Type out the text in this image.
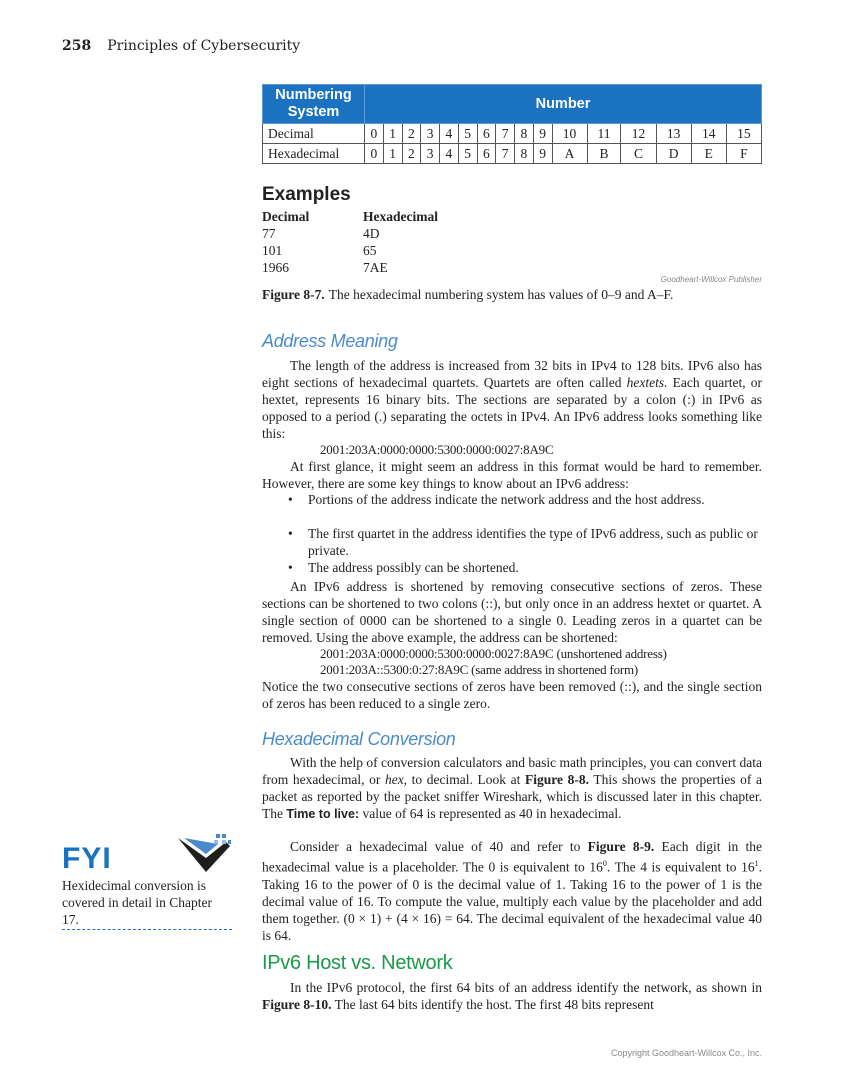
258 Principles of Cybersecurity
Numbering
System	Number															
Decimal	0	1	2	3	4	5	6	7	8	9	10	11	12	13	14	15
Hexadecimal	0	1	2	3	4	5	6	7	8	9	A	B	C	D	E	F
Examples
Decimal	Hexadecimal
77	4D
101	65
1966	7AE
Goodheart-Willcox Publisher
Figure 8-7. The hexadecimal numbering system has values of 0–9 and A–F.
Address Meaning
The length of the address is increased from 32 bits in IPv4 to 128 bits. IPv6 also has eight sections of hexadecimal quartets. Quartets are often called hextets. Each quartet, or hextet, represents 16 binary bits. The sections are separated by a colon (:) in IPv6 as opposed to a period (.) separating the octets in IPv4. An IPv6 address looks something like this:
2001:203A:0000:0000:5300:0000:0027:8A9C
At first glance, it might seem an address in this format would be hard to remember. However, there are some key things to know about an IPv6 address:
• Portions of the address indicate the network address and the host address.
• The first quartet in the address identifies the type of IPv6 address, such as public or private.
• The address possibly can be shortened.
An IPv6 address is shortened by removing consecutive sections of zeros. These sections can be shortened to two colons (::), but only once in an address hextet or quartet. A single section of 0000 can be shortened to a single 0. Leading zeros in a quartet can be removed. Using the above example, the address can be shortened:
2001:203A:0000:0000:5300:0000:0027:8A9C (unshortened address)
2001:203A::5300:0:27:8A9C (same address in shortened form)
Notice the two consecutive sections of zeros have been removed (::), and the single section of zeros has been reduced to a single zero.
Hexadecimal Conversion
With the help of conversion calculators and basic math principles, you can convert data from hexadecimal, or hex, to decimal. Look at Figure 8-8. This shows the properties of a packet as reported by the packet sniffer Wireshark, which is discussed later in this chapter. The Time to live: value of 64 is represented as 40 in hexadecimal.
Consider a hexadecimal value of 40 and refer to Figure 8-9. Each digit in the hexadecimal value is a placeholder. The 0 is equivalent to $16^0$. The 4 is equivalent to $16^1$. Taking 16 to the power of 0 is the decimal value of 1. Taking 16 to the power of 1 is the decimal value of 16. To compute the value, multiply each value by the placeholder and add them together. (0 × 1) + (4 × 16) = 64. The decimal equivalent of the hexadecimal value 40 is 64.
IPv6 Host vs. Network
In the IPv6 protocol, the first 64 bits of an address identify the network, as shown in Figure 8-10. The last 64 bits identify the host. The first 48 bits represent
FYI
Hexidecimal conversion is covered in detail in Chapter 17.
Copyright Goodheart-Willcox Co., Inc.
